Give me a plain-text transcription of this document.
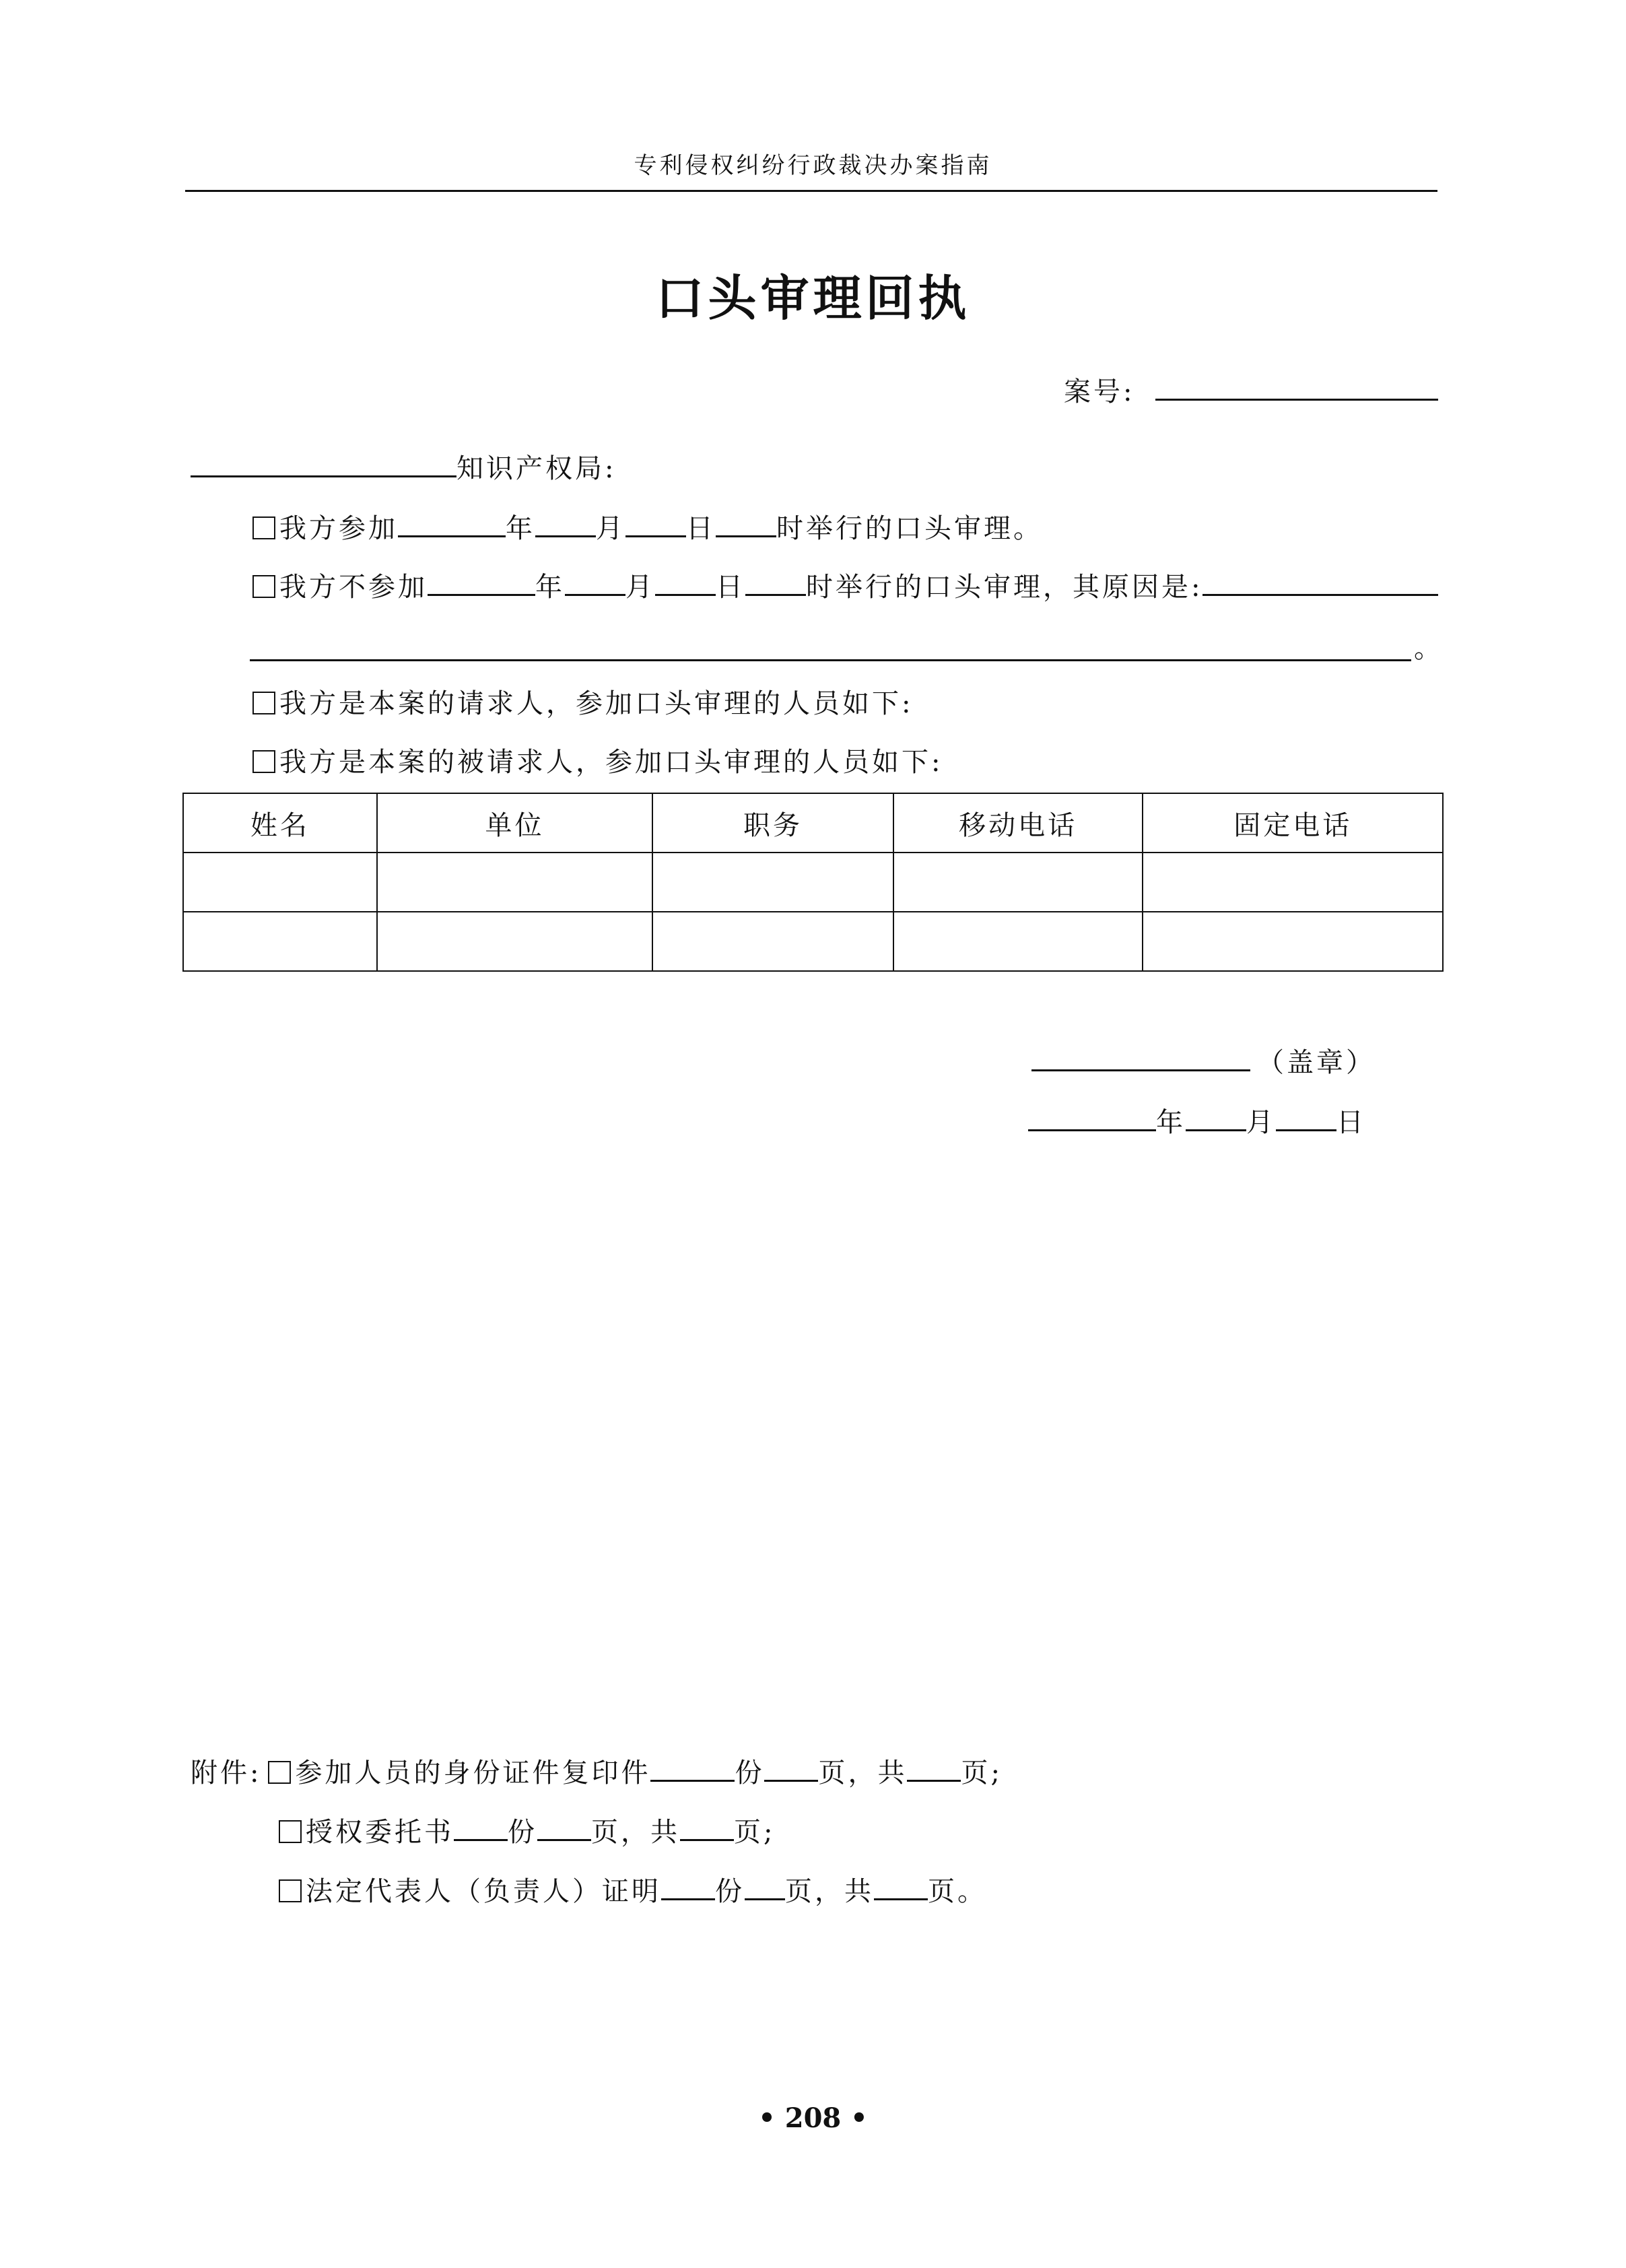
专利侵权纠纷行政裁决办案指南
口头审理回执
案号:
知识产权局:
我方参加	年 月 日 时举行的口头审理。
我方不参加	年 月 日 时举行的口头审理，其原因是:
。
我方是本案的请求人，参加口头审理的人员如下:
我方是本案的被请求人，参加口头审理的人员如下:
姓名	单位	职务	移动电话	固定电话

（盖章）
年 月 日
附件: 参加人员的身份证件复印件	份 页，共 页;
授权委托书 份 页，共 页;
法定代表人（负责人）证明 份 页，共 页。
• 208 •
